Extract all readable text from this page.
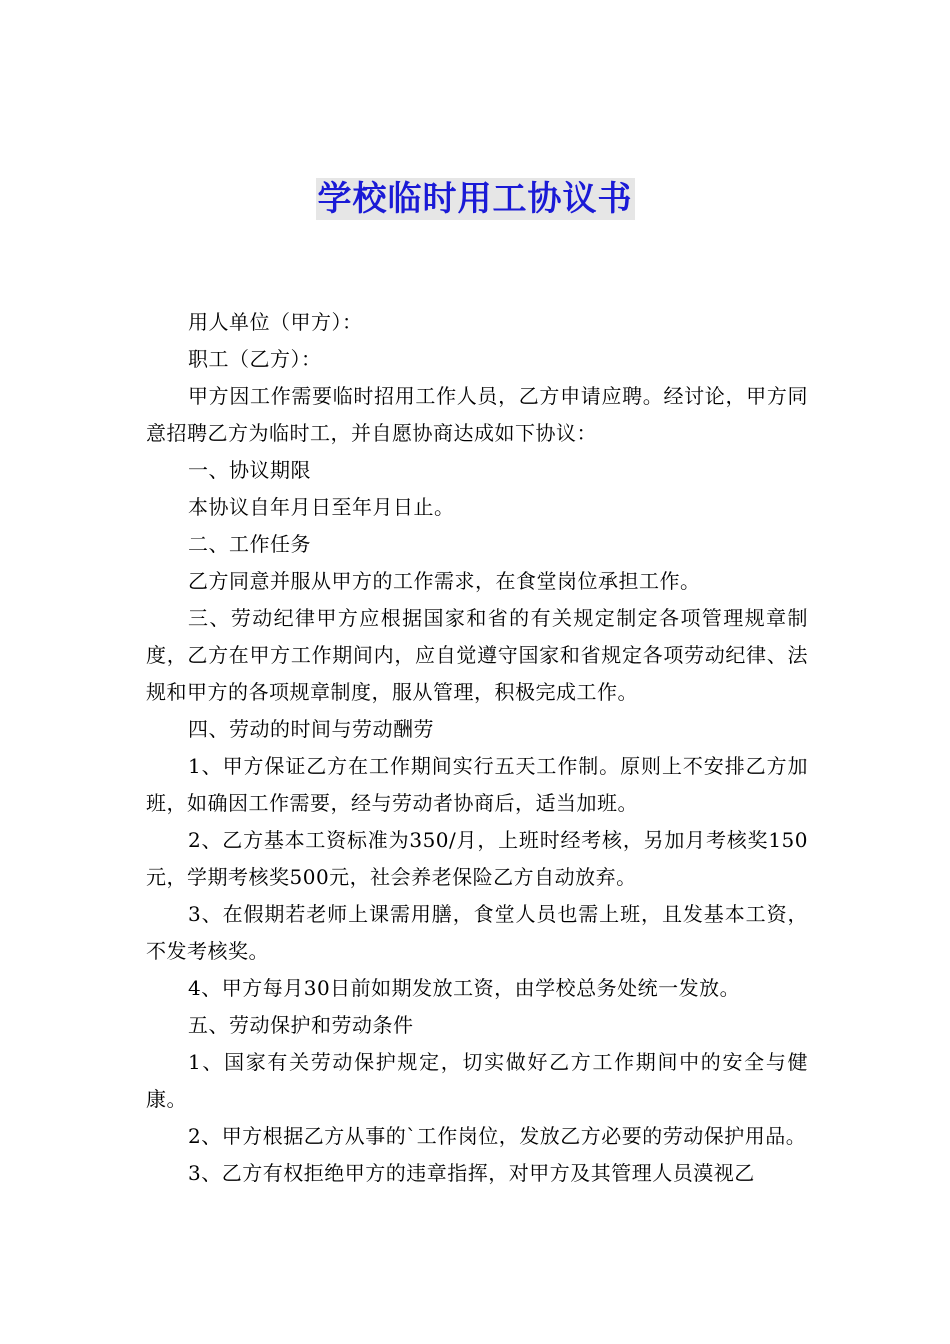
学校临时用工协议书

用人单位（甲方）：

职工（乙方）：

甲方因工作需要临时招用工作人员，乙方申请应聘。经讨论，甲方同意招聘乙方为临时工，并自愿协商达成如下协议：

一、协议期限

本协议自年月日至年月日止。

二、工作任务

乙方同意并服从甲方的工作需求，在食堂岗位承担工作。

三、劳动纪律甲方应根据国家和省的有关规定制定各项管理规章制度，乙方在甲方工作期间内，应自觉遵守国家和省规定各项劳动纪律、法规和甲方的各项规章制度，服从管理，积极完成工作。

四、劳动的时间与劳动酬劳

1、甲方保证乙方在工作期间实行五天工作制。原则上不安排乙方加班，如确因工作需要，经与劳动者协商后，适当加班。

2、乙方基本工资标准为350/月，上班时经考核，另加月考核奖150元，学期考核奖500元，社会养老保险乙方自动放弃。

3、在假期若老师上课需用膳，食堂人员也需上班，且发基本工资，不发考核奖。

4、甲方每月30日前如期发放工资，由学校总务处统一发放。

五、劳动保护和劳动条件

1、国家有关劳动保护规定，切实做好乙方工作期间中的安全与健康。

2、甲方根据乙方从事的`工作岗位，发放乙方必要的劳动保护用品。

3、乙方有权拒绝甲方的违章指挥，对甲方及其管理人员漠视乙
